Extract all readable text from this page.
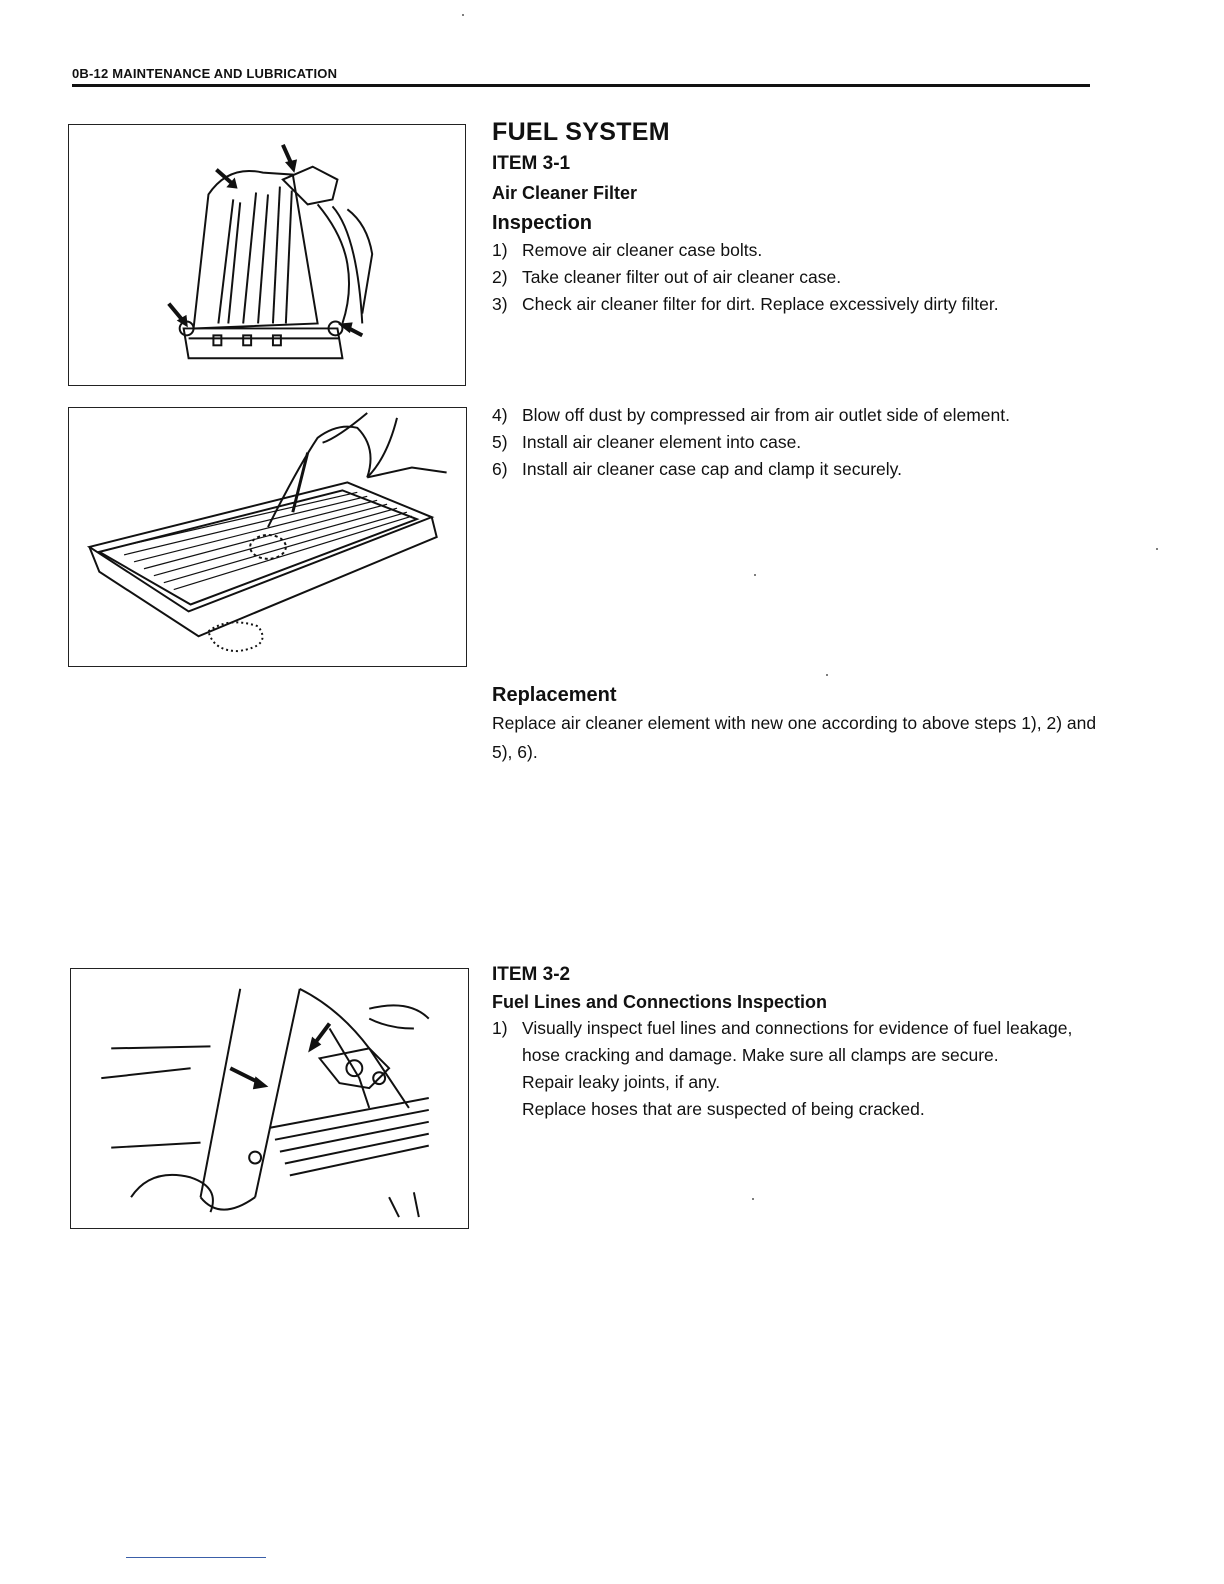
0B-12 MAINTENANCE AND LUBRICATION
FUEL SYSTEM
ITEM 3-1
Air Cleaner Filter
Inspection
1) Remove air cleaner case bolts.
2) Take cleaner filter out of air cleaner case.
3) Check air cleaner filter for dirt. Replace excessively dirty filter.
4) Blow off dust by compressed air from air outlet side of element.
5) Install air cleaner element into case.
6) Install air cleaner case cap and clamp it securely.
Replacement

Replace air cleaner element with new one according to above steps 1), 2) and 5), 6).

ITEM 3-2
Fuel Lines and Connections Inspection
1) Visually inspect fuel lines and connections for evidence of fuel leakage, hose cracking and damage. Make sure all clamps are secure.

Repair leaky joints, if any.

Replace hoses that are suspected of being cracked.
